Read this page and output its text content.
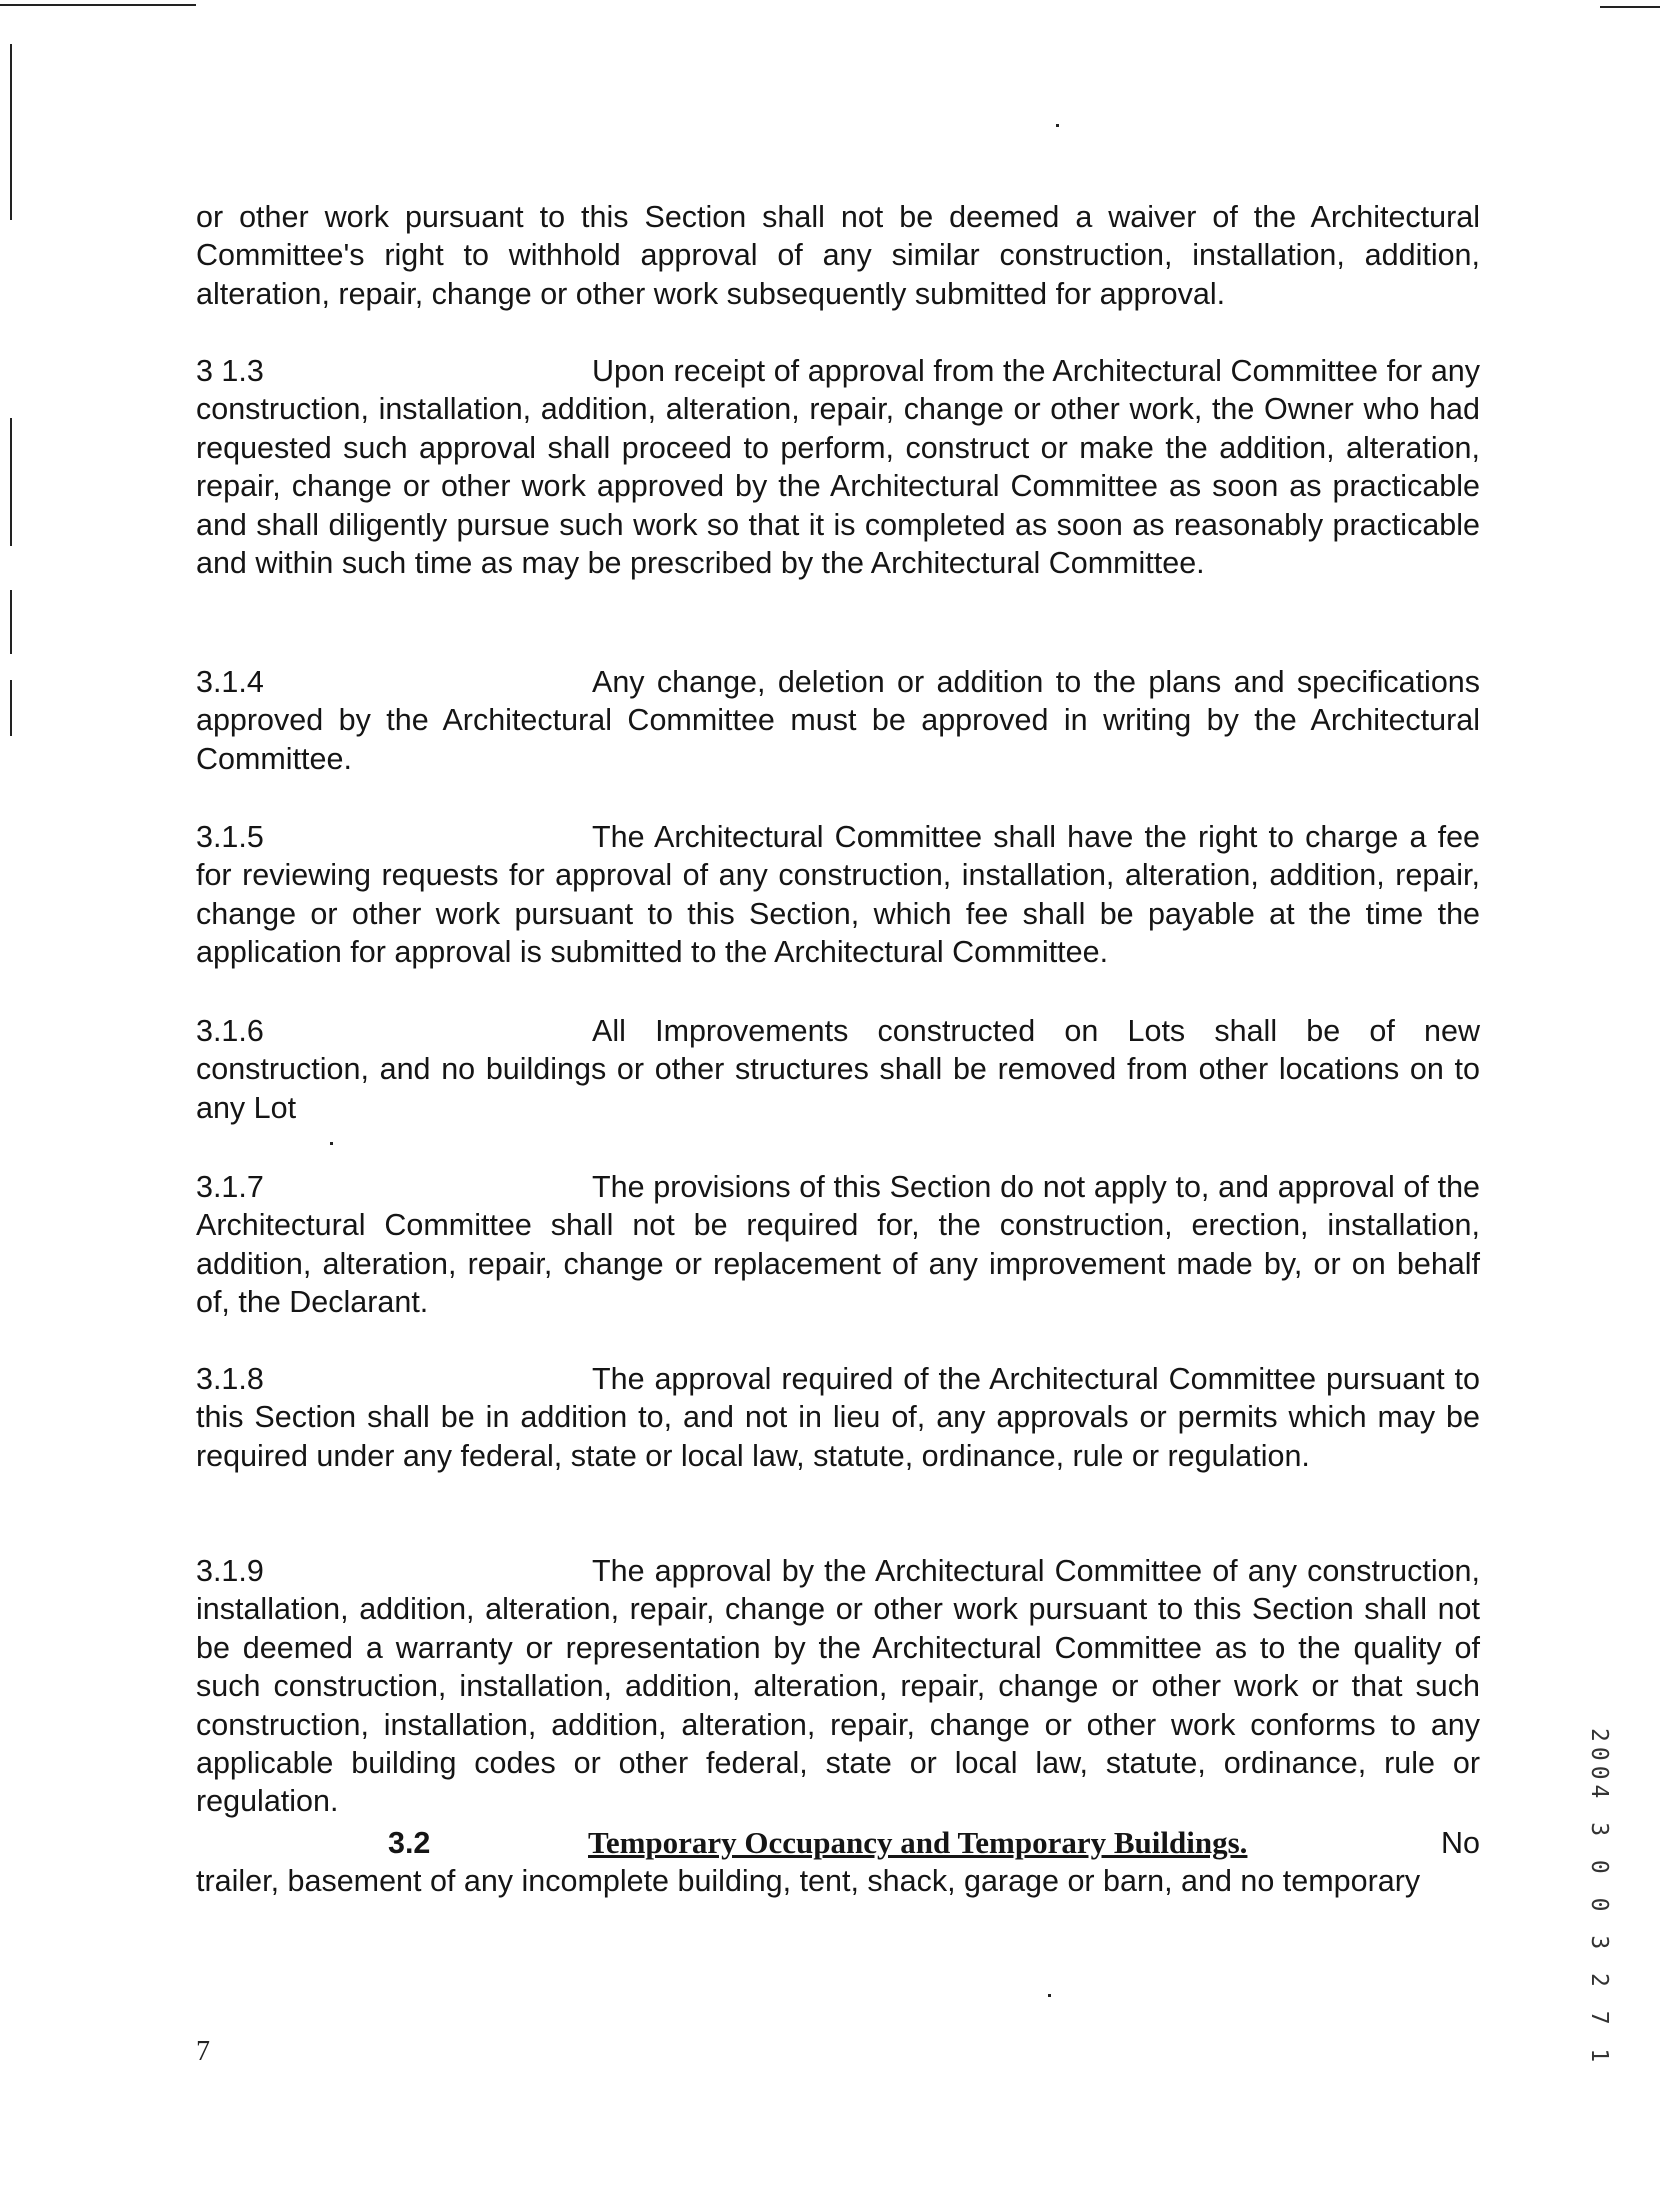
or other work pursuant to this Section shall not be deemed a waiver of the Architectural Committee's right to withhold approval of any similar construction, installation, addition, alteration, repair, change or other work subsequently submitted for approval.

3 1.3	Upon receipt of approval from the Architectural Committee for any construction, installation, addition, alteration, repair, change or other work, the Owner who had requested such approval shall proceed to perform, construct or make the addition, alteration, repair, change or other work approved by the Architectural Committee as soon as practicable and shall diligently pursue such work so that it is completed as soon as reasonably practicable and within such time as may be prescribed by the Architectural Committee.

3.1.4	Any change, deletion or addition to the plans and specifications approved by the Architectural Committee must be approved in writing by the Architectural Committee.

3.1.5	The Architectural Committee shall have the right to charge a fee for reviewing requests for approval of any construction, installation, alteration, addition, repair, change or other work pursuant to this Section, which fee shall be payable at the time the application for approval is submitted to the Architectural Committee.

3.1.6	All Improvements constructed on Lots shall be of new construction, and no buildings or other structures shall be removed from other locations on to any Lot

3.1.7	The provisions of this Section do not apply to, and approval of the Architectural Committee shall not be required for, the construction, erection, installation, addition, alteration, repair, change or replacement of any improvement made by, or on behalf of, the Declarant.

3.1.8	The approval required of the Architectural Committee pursuant to this Section shall be in addition to, and not in lieu of, any approvals or permits which may be required under any federal, state or local law, statute, ordinance, rule or regulation.

3.1.9	The approval by the Architectural Committee of any construction, installation, addition, alteration, repair, change or other work pursuant to this Section shall not be deemed a warranty or representation by the Architectural Committee as to the quality of such construction, installation, addition, alteration, repair, change or other work or that such construction, installation, addition, alteration, repair, change or other work conforms to any applicable building codes or other federal, state or local law, statute, ordinance, rule or regulation.

3.2	Temporary Occupancy and Temporary Buildings.	No
trailer, basement of any incomplete building, tent, shack, garage or barn, and no temporary
7	2004 3 0 0 3 2 7 1
